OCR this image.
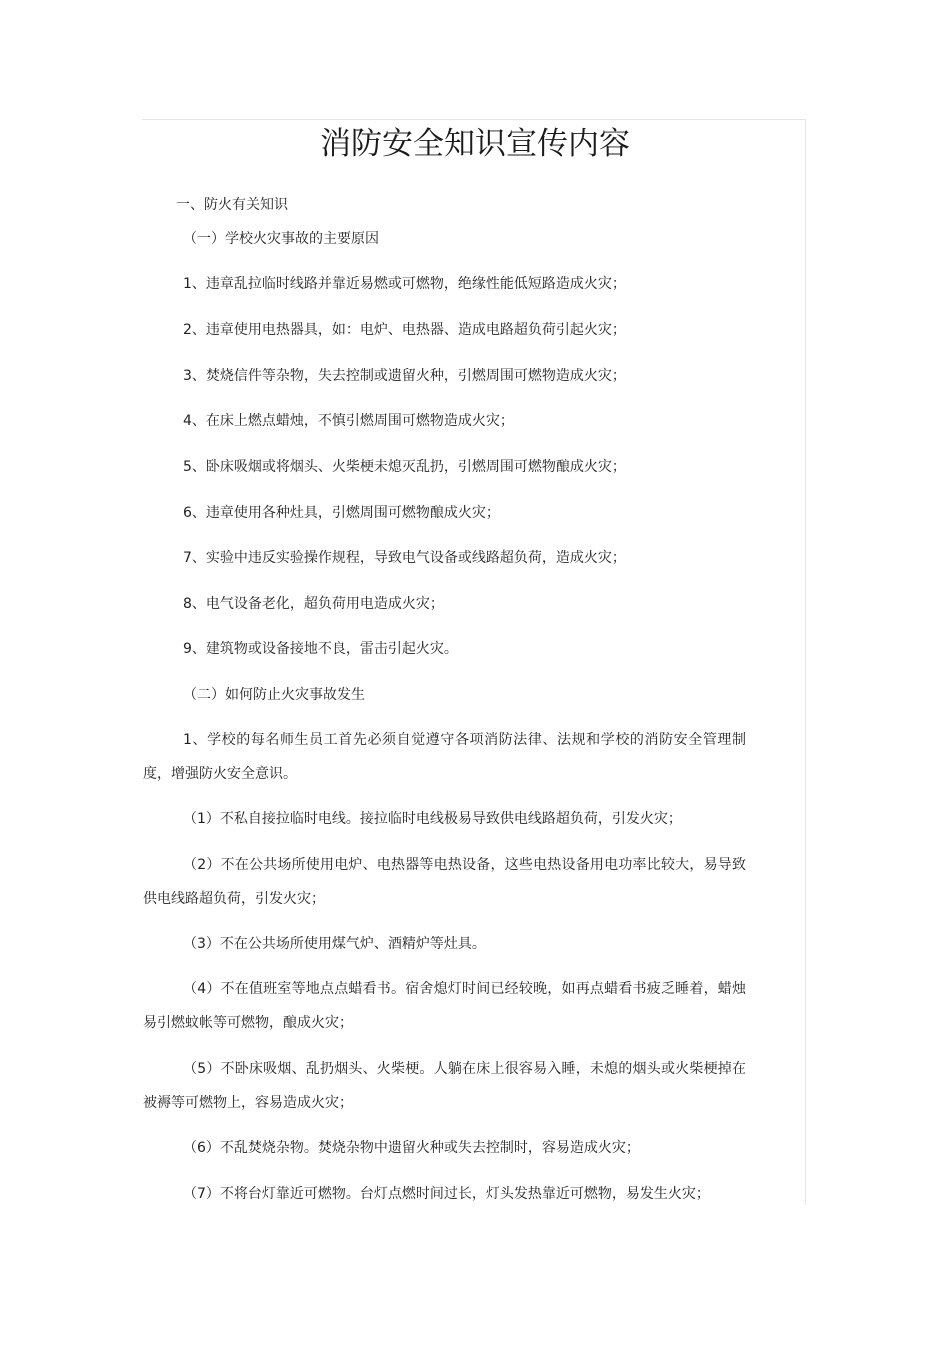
消防安全知识宣传内容

一、防火有关知识

（一）学校火灾事故的主要原因

1、违章乱拉临时线路并靠近易燃或可燃物，绝缘性能低短路造成火灾；

2、违章使用电热器具，如：电炉、电热器、造成电路超负荷引起火灾；

3、焚烧信件等杂物，失去控制或遗留火种，引燃周围可燃物造成火灾；

4、在床上燃点蜡烛，不慎引燃周围可燃物造成火灾；

5、卧床吸烟或将烟头、火柴梗未熄灭乱扔，引燃周围可燃物酿成火灾；

6、违章使用各种灶具，引燃周围可燃物酿成火灾；

7、实验中违反实验操作规程，导致电气设备或线路超负荷，造成火灾；

8、电气设备老化，超负荷用电造成火灾；

9、建筑物或设备接地不良，雷击引起火灾。

（二）如何防止火灾事故发生

1、学校的每名师生员工首先必须自觉遵守各项消防法律、法规和学校的消防安全管理制度，增强防火安全意识。

（1）不私自接拉临时电线。接拉临时电线极易导致供电线路超负荷，引发火灾；

（2）不在公共场所使用电炉、电热器等电热设备，这些电热设备用电功率比较大，易导致供电线路超负荷，引发火灾；

（3）不在公共场所使用煤气炉、酒精炉等灶具。

（4）不在值班室等地点点蜡看书。宿舍熄灯时间已经较晚，如再点蜡看书疲乏睡着，蜡烛易引燃蚊帐等可燃物，酿成火灾；

（5）不卧床吸烟、乱扔烟头、火柴梗。人躺在床上很容易入睡，未熄的烟头或火柴梗掉在被褥等可燃物上，容易造成火灾；

（6）不乱焚烧杂物。焚烧杂物中遗留火种或失去控制时，容易造成火灾；

（7）不将台灯靠近可燃物。台灯点燃时间过长，灯头发热靠近可燃物，易发生火灾；
